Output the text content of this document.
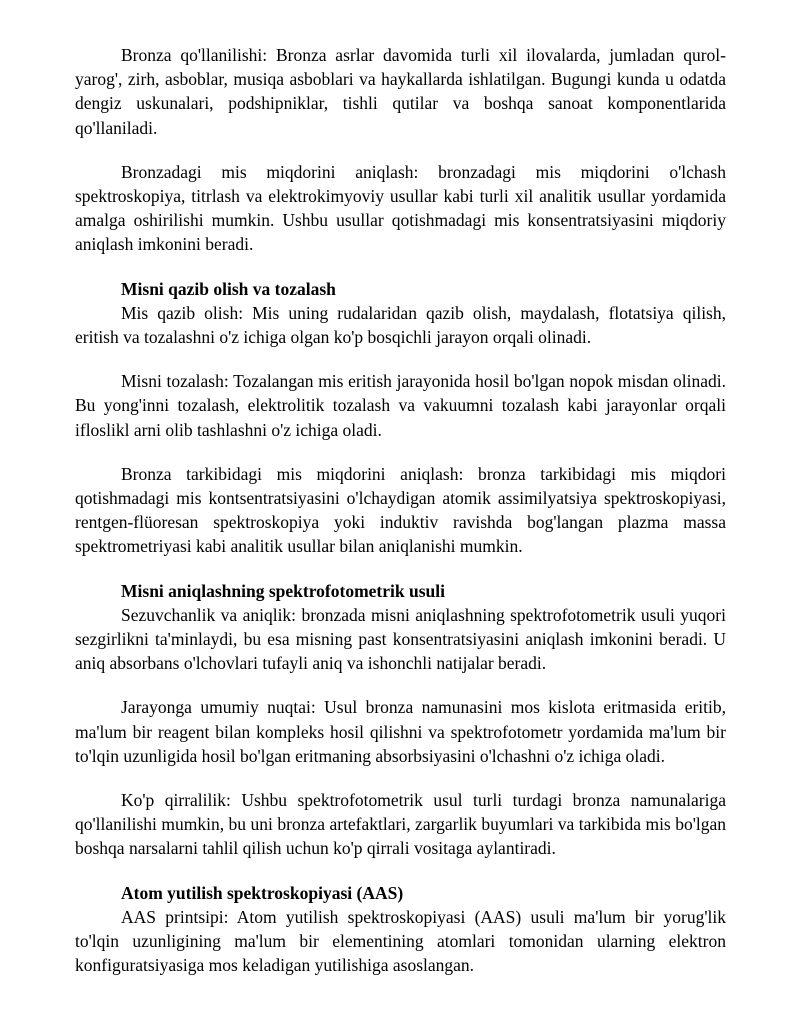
Bronza qo'llanilishi: Bronza asrlar davomida turli xil ilovalarda, jumladan qurol-yarog', zirh, asboblar, musiqa asboblari va haykallarda ishlatilgan. Bugungi kunda u odatda dengiz uskunalari, podshipniklar, tishli qutilar va boshqa sanoat komponentlarida qo'llaniladi.

Bronzadagi mis miqdorini aniqlash: bronzadagi mis miqdorini o'lchash spektroskopiya, titrlash va elektrokimyoviy usullar kabi turli xil analitik usullar yordamida amalga oshirilishi mumkin. Ushbu usullar qotishmadagi mis konsentratsiyasini miqdoriy aniqlash imkonini beradi.

Misni qazib olish va tozalash

Mis qazib olish: Mis uning rudalaridan qazib olish, maydalash, flotatsiya qilish, eritish va tozalashni o'z ichiga olgan ko'p bosqichli jarayon orqali olinadi.

Misni tozalash: Tozalangan mis eritish jarayonida hosil bo'lgan nopok misdan olinadi. Bu yong'inni tozalash, elektrolitik tozalash va vakuumni tozalash kabi jarayonlar orqali ifloslikl arni olib tashlashni o'z ichiga oladi.

Bronza tarkibidagi mis miqdorini aniqlash: bronza tarkibidagi mis miqdori qotishmadagi mis kontsentratsiyasini o'lchaydigan atomik assimilyatsiya spektroskopiyasi, rentgen-flüoresan spektroskopiya yoki induktiv ravishda bog'langan plazma massa spektrometriyasi kabi analitik usullar bilan aniqlanishi mumkin.

Misni aniqlashning spektrofotometrik usuli

Sezuvchanlik va aniqlik: bronzada misni aniqlashning spektrofotometrik usuli yuqori sezgirlikni ta'minlaydi, bu esa misning past konsentratsiyasini aniqlash imkonini beradi. U aniq absorbans o'lchovlari tufayli aniq va ishonchli natijalar beradi.

Jarayonga umumiy nuqtai: Usul bronza namunasini mos kislota eritmasida eritib, ma'lum bir reagent bilan kompleks hosil qilishni va spektrofotometr yordamida ma'lum bir to'lqin uzunligida hosil bo'lgan eritmaning absorbsiyasini o'lchashni o'z ichiga oladi.

Ko'p qirralilik: Ushbu spektrofotometrik usul turli turdagi bronza namunalariga qo'llanilishi mumkin, bu uni bronza artefaktlari, zargarlik buyumlari va tarkibida mis bo'lgan boshqa narsalarni tahlil qilish uchun ko'p qirrali vositaga aylantiradi.

Atom yutilish spektroskopiyasi (AAS)

AAS printsipi: Atom yutilish spektroskopiyasi (AAS) usuli ma'lum bir yorug'lik to'lqin uzunligining ma'lum bir elementining atomlari tomonidan ularning elektron konfiguratsiyasiga mos keladigan yutilishiga asoslangan.
